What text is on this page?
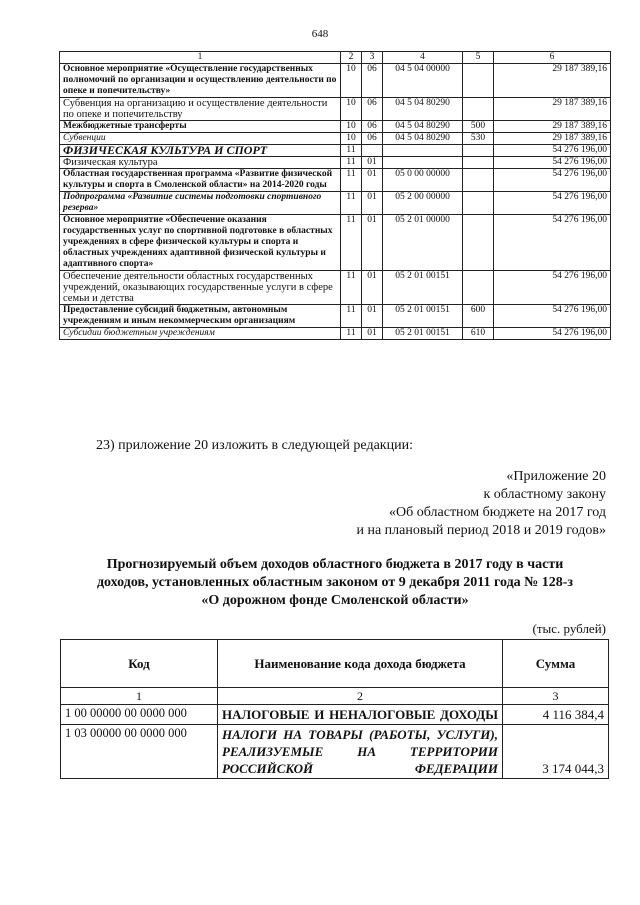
648
1	2	3	4	5	6
Основное мероприятие «Осуществление государственных полномочий по организации и осуществлению деятельности по опеке и попечительству»	10	06	04 5 04 00000		29 187 389,16
Субвенция на организацию и осуществление деятельности по опеке и попечительству	10	06	04 5 04 80290		29 187 389,16
Межбюджетные трансферты	10	06	04 5 04 80290	500	29 187 389,16
Субвенции	10	06	04 5 04 80290	530	29 187 389,16
ФИЗИЧЕСКАЯ КУЛЬТУРА И СПОРТ	11				54 276 196,00
Физическая культура	11	01			54 276 196,00
Областная государственная программа «Развитие физической культуры и спорта в Смоленской области» на 2014-2020 годы	11	01	05 0 00 00000		54 276 196,00
Подпрограмма «Развитие системы подготовки спортивного резерва»	11	01	05 2 00 00000		54 276 196,00
Основное мероприятие «Обеспечение оказания государственных услуг по спортивной подготовке в областных учреждениях в сфере физической культуры и спорта и областных учреждениях адаптивной физической культуры и адаптивного спорта»	11	01	05 2 01 00000		54 276 196,00
Обеспечение деятельности областных государственных учреждений, оказывающих государственные услуги в сфере семьи и детства	11	01	05 2 01 00151		54 276 196,00
Предоставление субсидий бюджетным, автономным учреждениям и иным некоммерческим организациям	11	01	05 2 01 00151	600	54 276 196,00
Субсидии бюджетным учреждениям	11	01	05 2 01 00151	610	54 276 196,00
23) приложение 20 изложить в следующей редакции:
«Приложение 20
к областному закону
«Об областном бюджете на 2017 год
и на плановый период 2018 и 2019 годов»
Прогнозируемый объем доходов областного бюджета в 2017 году в части
доходов, установленных областным законом от 9 декабря 2011 года № 128-з
«О дорожном фонде Смоленской области»
(тыс. рублей)
Код	Наименование кода дохода бюджета	Сумма
1	2	3
1 00 00000 00 0000 000	НАЛОГОВЫЕ И НЕНАЛОГОВЫЕ ДОХОДЫ	4 116 384,4
1 03 00000 00 0000 000	НАЛОГИ НА ТОВАРЫ (РАБОТЫ, УСЛУГИ), РЕАЛИЗУЕМЫЕ НА ТЕРРИТОРИИ РОССИЙСКОЙ ФЕДЕРАЦИИ	3 174 044,3
